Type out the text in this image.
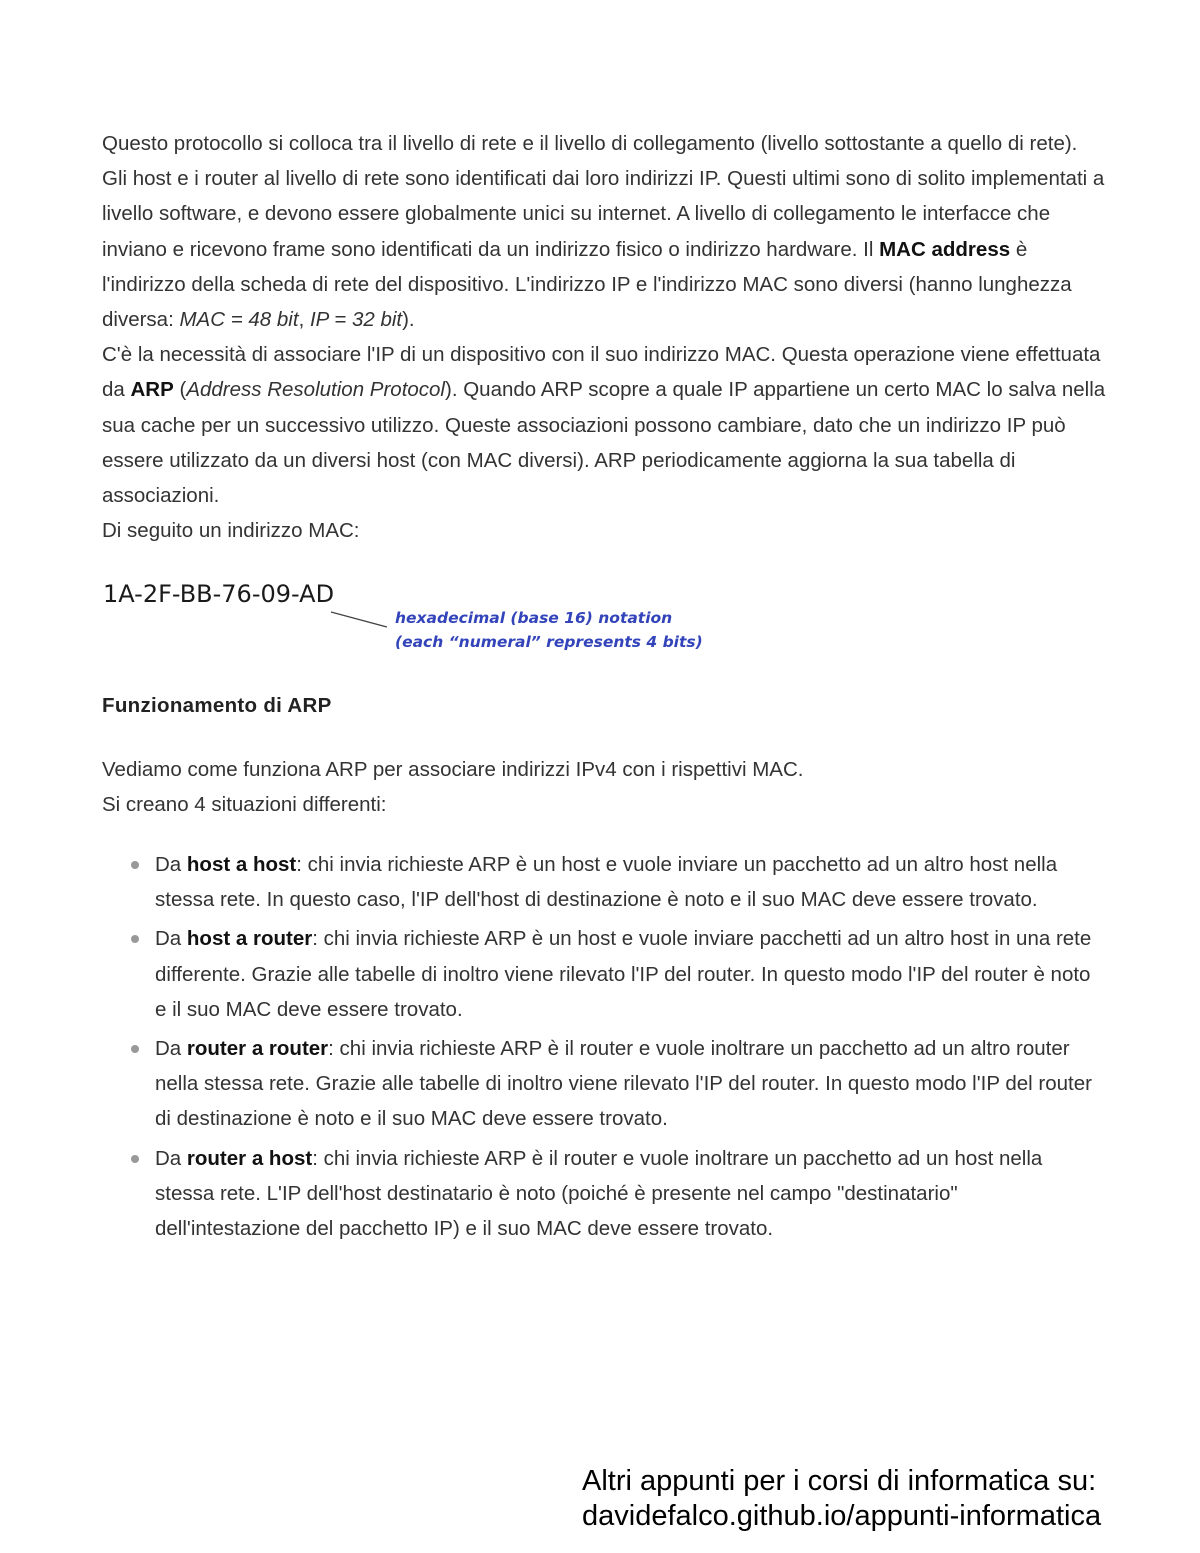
Questo protocollo si colloca tra il livello di rete e il livello di collegamento (livello sottostante a quello di rete).
Gli host e i router al livello di rete sono identificati dai loro indirizzi IP. Questi ultimi sono di solito implementati a livello software, e devono essere globalmente unici su internet. A livello di collegamento le interfacce che inviano e ricevono frame sono identificati da un indirizzo fisico o indirizzo hardware. Il MAC address è l'indirizzo della scheda di rete del dispositivo. L'indirizzo IP e l'indirizzo MAC sono diversi (hanno lunghezza diversa: MAC = 48 bit, IP = 32 bit).
C'è la necessità di associare l'IP di un dispositivo con il suo indirizzo MAC. Questa operazione viene effettuata da ARP (Address Resolution Protocol). Quando ARP scopre a quale IP appartiene un certo MAC lo salva nella sua cache per un successivo utilizzo. Queste associazioni possono cambiare, dato che un indirizzo IP può essere utilizzato da un diversi host (con MAC diversi). ARP periodicamente aggiorna la sua tabella di associazioni.
Di seguito un indirizzo MAC:

1A-2F-BB-76-09-AD
hexadecimal (base 16) notation
(each “numeral” represents 4 bits)
Funzionamento di ARP

Vediamo come funziona ARP per associare indirizzi IPv4 con i rispettivi MAC.
Si creano 4 situazioni differenti:

Da host a host: chi invia richieste ARP è un host e vuole inviare un pacchetto ad un altro host nella stessa rete. In questo caso, l'IP dell'host di destinazione è noto e il suo MAC deve essere trovato.
Da host a router: chi invia richieste ARP è un host e vuole inviare pacchetti ad un altro host in una rete differente. Grazie alle tabelle di inoltro viene rilevato l'IP del router. In questo modo l'IP del router è noto e il suo MAC deve essere trovato.
Da router a router: chi invia richieste ARP è il router e vuole inoltrare un pacchetto ad un altro router nella stessa rete. Grazie alle tabelle di inoltro viene rilevato l'IP del router. In questo modo l'IP del router di destinazione è noto e il suo MAC deve essere trovato.
Da router a host: chi invia richieste ARP è il router e vuole inoltrare un pacchetto ad un host nella stessa rete. L'IP dell'host destinatario è noto (poiché è presente nel campo "destinatario" dell'intestazione del pacchetto IP) e il suo MAC deve essere trovato.
Altri appunti per i corsi di informatica su:
davidefalco.github.io/appunti-informatica
